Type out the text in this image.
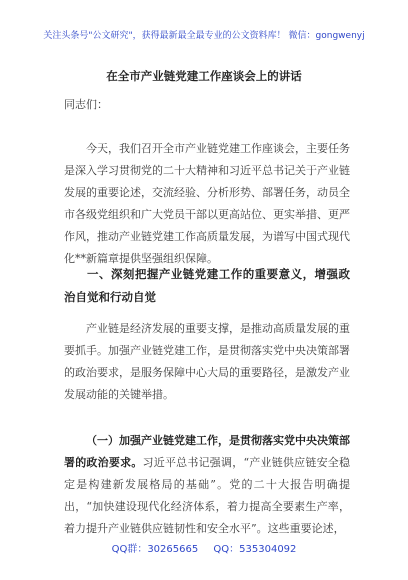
关注头条号"公文研究"，获得最新最全最专业的公文资料库！ 微信：gongwenyj
在全市产业链党建工作座谈会上的讲话
同志们：
今天，我们召开全市产业链党建工作座谈会，主要任务是深入学习贯彻党的二十大精神和习近平总书记关于产业链发展的重要论述，交流经验、分析形势、部署任务，动员全市各级党组织和广大党员干部以更高站位、更实举措、更严作风，推动产业链党建工作高质量发展，为谱写中国式现代化**新篇章提供坚强组织保障。
一、深刻把握产业链党建工作的重要意义，增强政治自觉和行动自觉
产业链是经济发展的重要支撑，是推动高质量发展的重要抓手。加强产业链党建工作，是贯彻落实党中央决策部署的政治要求，是服务保障中心大局的重要路径，是激发产业发展动能的关键举措。
（一）加强产业链党建工作，是贯彻落实党中央决策部署的政治要求。习近平总书记强调，“产业链供应链安全稳定是构建新发展格局的基础”。党的二十大报告明确提出，“加快建设现代化经济体系，着力提高全要素生产率，着力提升产业链供应链韧性和安全水平”。这些重要论述，
QQ群：30265665 QQ：535304092
